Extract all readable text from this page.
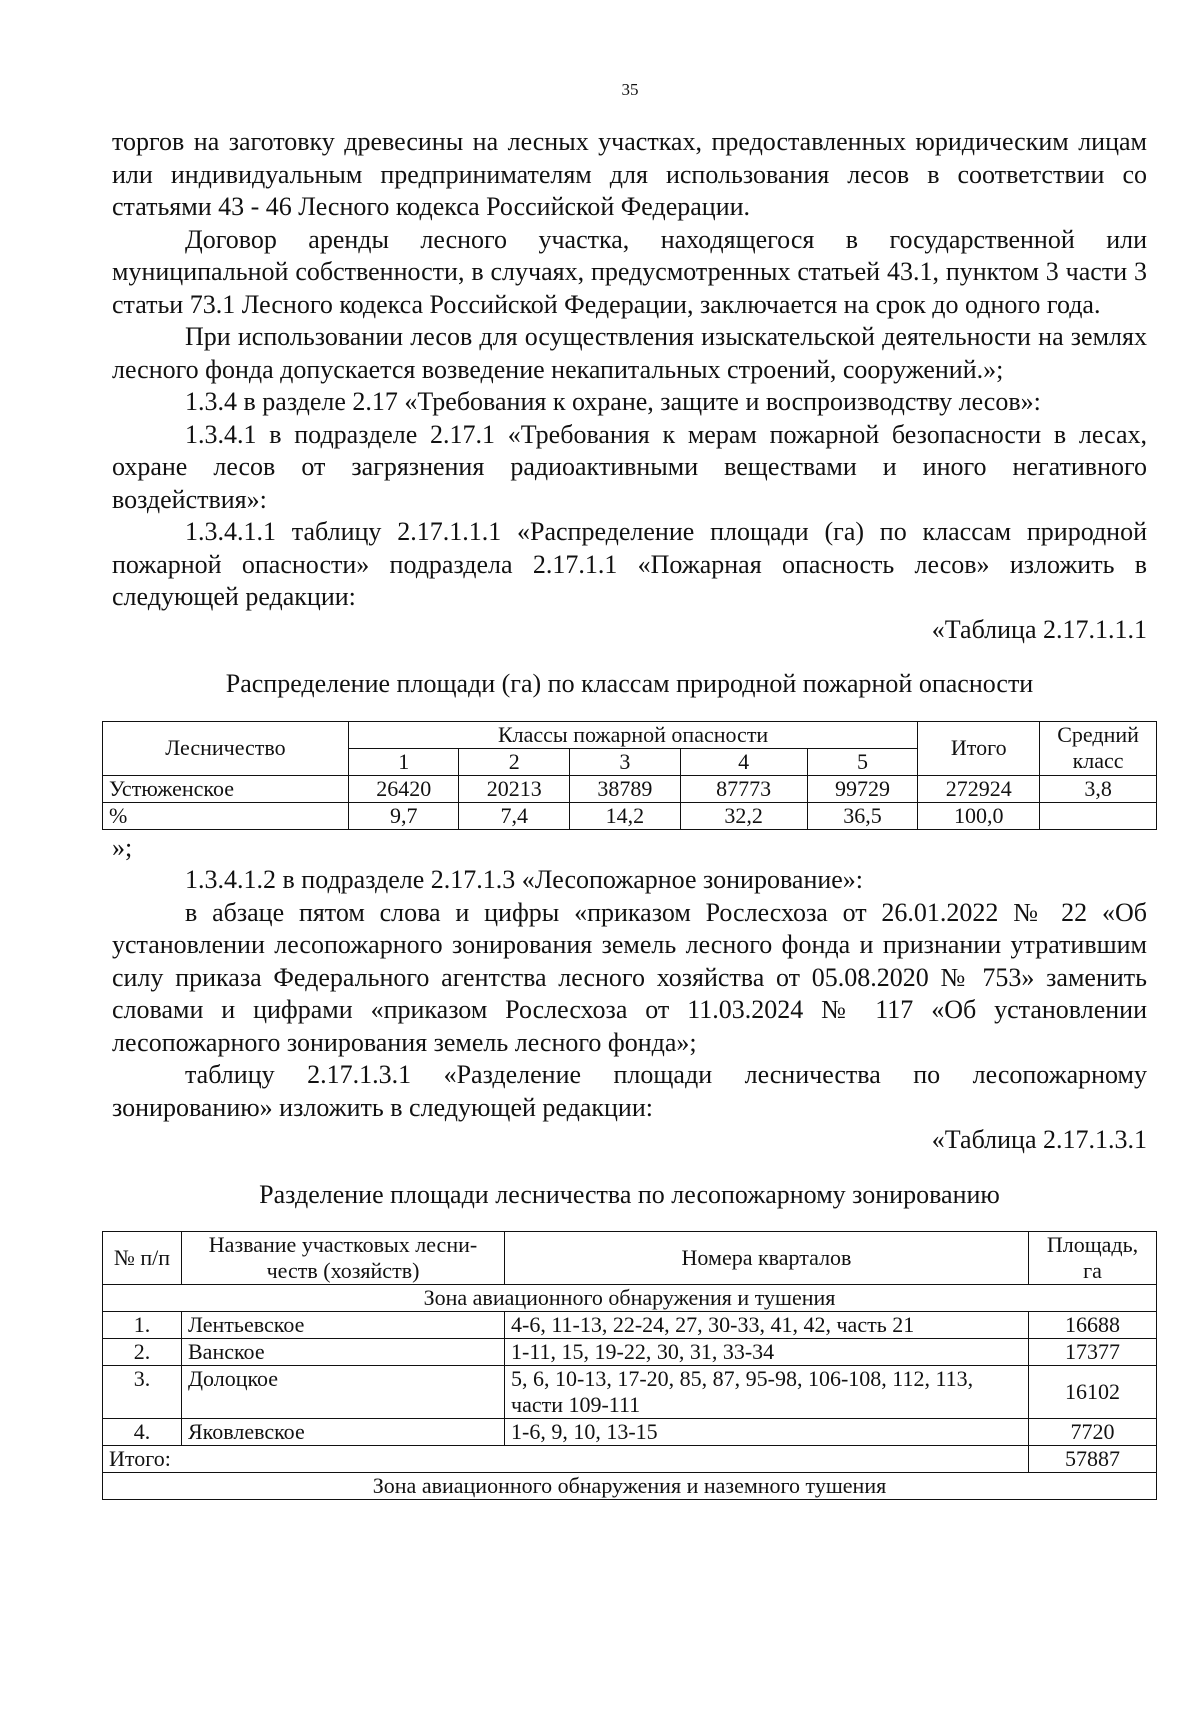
35

торгов на заготовку древесины на лесных участках, предоставленных юридическим лицам или индивидуальным предпринимателям для использования лесов в соответствии со статьями 43 - 46 Лесного кодекса Российской Федерации.

Договор аренды лесного участка, находящегося в государственной или муниципальной собственности, в случаях, предусмотренных статьей 43.1, пунктом 3 части 3 статьи 73.1 Лесного кодекса Российской Федерации, заключается на срок до одного года.

При использовании лесов для осуществления изыскательской деятельности на землях лесного фонда допускается возведение некапитальных строений, сооружений.»;

1.3.4 в разделе 2.17 «Требования к охране, защите и воспроизводству лесов»:

1.3.4.1 в подразделе 2.17.1 «Требования к мерам пожарной безопасности в лесах, охране лесов от загрязнения радиоактивными веществами и иного негативного воздействия»:

1.3.4.1.1 таблицу 2.17.1.1.1 «Распределение площади (га) по классам природной пожарной опасности» подраздела 2.17.1.1 «Пожарная опасность лесов» изложить в следующей редакции:

«Таблица 2.17.1.1.1

Распределение площади (га) по классам природной пожарной опасности

Лесничество	Классы пожарной опасности					Итого	Средний класс
	1	2	3	4	5		
Устюженское	26420	20213	38789	87773	99729	272924	3,8
%	9,7	7,4	14,2	32,2	36,5	100,0	

»;

1.3.4.1.2 в подразделе 2.17.1.3 «Лесопожарное зонирование»:

в абзаце пятом слова и цифры «приказом Рослесхоза от 26.01.2022 № 22 «Об установлении лесопожарного зонирования земель лесного фонда и признании утратившим силу приказа Федерального агентства лесного хозяйства от 05.08.2020 № 753» заменить словами и цифрами «приказом Рослесхоза от 11.03.2024 № 117 «Об установлении лесопожарного зонирования земель лесного фонда»;

таблицу 2.17.1.3.1 «Разделение площади лесничества по лесопожарному зонированию» изложить в следующей редакции:

«Таблица 2.17.1.3.1

Разделение площади лесничества по лесопожарному зонированию

№ п/п	Название участковых лесни-честв (хозяйств)	Номера кварталов	Площадь, га
Зона авиационного обнаружения и тушения			
1.	Лентьевское	4-6, 11-13, 22-24, 27, 30-33, 41, 42, часть 21	16688
2.	Ванское	1-11, 15, 19-22, 30, 31, 33-34	17377
3.	Долоцкое	5, 6, 10-13, 17-20, 85, 87, 95-98, 106-108, 112, 113, части 109-111	16102
4.	Яковлевское	1-6, 9, 10, 13-15	7720
Итого:			57887
Зона авиационного обнаружения и наземного тушения			
